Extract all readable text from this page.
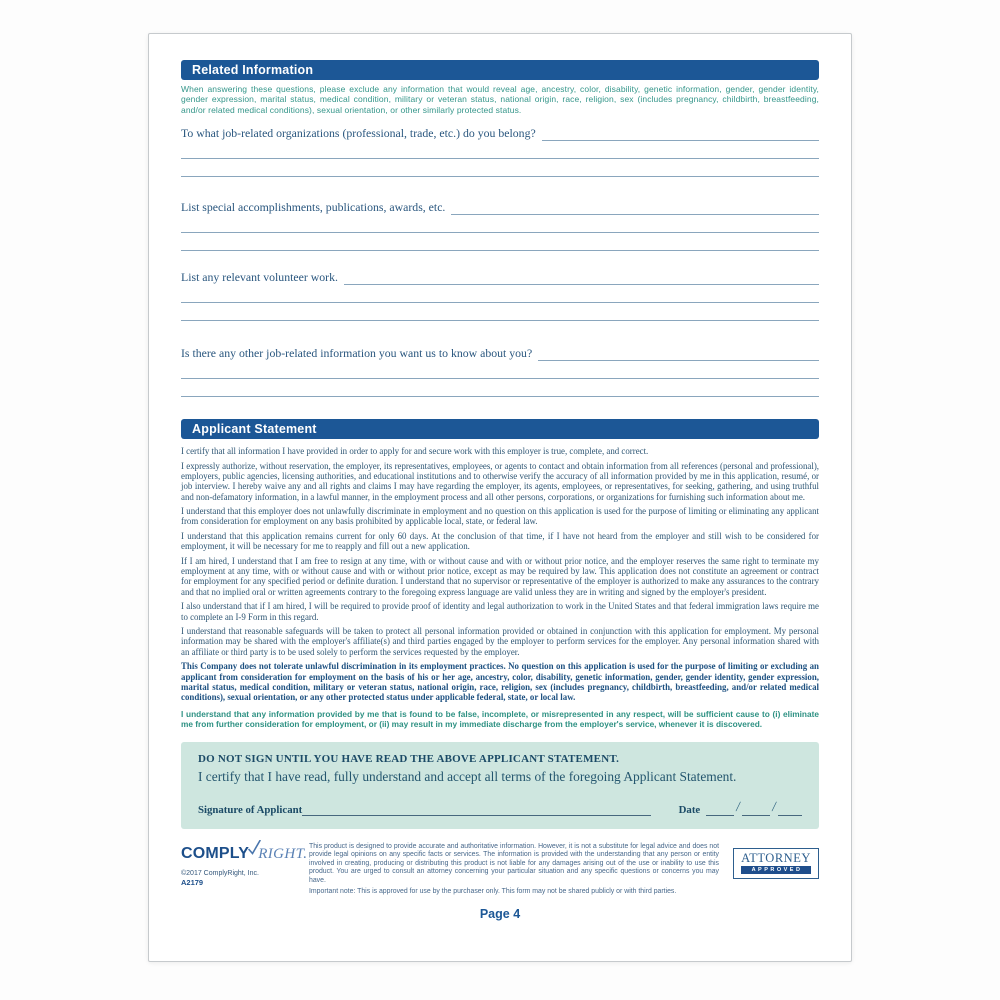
Related Information
When answering these questions, please exclude any information that would reveal age, ancestry, color, disability, genetic information, gender, gender identity, gender expression, marital status, medical condition, military or veteran status, national origin, race, religion, sex (includes pregnancy, childbirth, breastfeeding, and/or related medical conditions), sexual orientation, or other similarly protected status.
To what job-related organizations (professional, trade, etc.) do you belong?
List special accomplishments, publications, awards, etc.
List any relevant volunteer work.
Is there any other job-related information you want us to know about you?
Applicant Statement

I certify that all information I have provided in order to apply for and secure work with this employer is true, complete, and correct.

I expressly authorize, without reservation, the employer, its representatives, employees, or agents to contact and obtain information from all references (personal and professional), employers, public agencies, licensing authorities, and educational institutions and to otherwise verify the accuracy of all information provided by me in this application, resumé, or job interview. I hereby waive any and all rights and claims I may have regarding the employer, its agents, employees, or representatives, for seeking, gathering, and using truthful and non-defamatory information, in a lawful manner, in the employment process and all other persons, corporations, or organizations for furnishing such information about me.

I understand that this employer does not unlawfully discriminate in employment and no question on this application is used for the purpose of limiting or eliminating any applicant from consideration for employment on any basis prohibited by applicable local, state, or federal law.

I understand that this application remains current for only 60 days. At the conclusion of that time, if I have not heard from the employer and still wish to be considered for employment, it will be necessary for me to reapply and fill out a new application.

If I am hired, I understand that I am free to resign at any time, with or without cause and with or without prior notice, and the employer reserves the same right to terminate my employment at any time, with or without cause and with or without prior notice, except as may be required by law. This application does not constitute an agreement or contract for employment for any specified period or definite duration. I understand that no supervisor or representative of the employer is authorized to make any assurances to the contrary and that no implied oral or written agreements contrary to the foregoing express language are valid unless they are in writing and signed by the employer's president.

I also understand that if I am hired, I will be required to provide proof of identity and legal authorization to work in the United States and that federal immigration laws require me to complete an I-9 Form in this regard.

I understand that reasonable safeguards will be taken to protect all personal information provided or obtained in conjunction with this application for employment. My personal information may be shared with the employer's affiliate(s) and third parties engaged by the employer to perform services for the employer. Any personal information shared with an affiliate or third party is to be used solely to perform the services requested by the employer.

This Company does not tolerate unlawful discrimination in its employment practices. No question on this application is used for the purpose of limiting or excluding an applicant from consideration for employment on the basis of his or her age, ancestry, color, disability, genetic information, gender, gender identity, gender expression, marital status, medical condition, military or veteran status, national origin, race, religion, sex (includes pregnancy, childbirth, breastfeeding, and/or related medical conditions), sexual orientation, or any other protected status under applicable federal, state, or local law.

I understand that any information provided by me that is found to be false, incomplete, or misrepresented in any respect, will be sufficient cause to (i) eliminate me from further consideration for employment, or (ii) may result in my immediate discharge from the employer's service, whenever it is discovered.

DO NOT SIGN UNTIL YOU HAVE READ THE ABOVE APPLICANT STATEMENT.
I certify that I have read, fully understand and accept all terms of the foregoing Applicant Statement.
Signature of Applicant	Date	/ /
COMPLY RIGHT.
©2017 ComplyRight, Inc.
A2179
This product is designed to provide accurate and authoritative information. However, it is not a substitute for legal advice and does not provide legal opinions on any specific facts or services. The information is provided with the understanding that any person or entity involved in creating, producing or distributing this product is not liable for any damages arising out of the use or inability to use this product. You are urged to consult an attorney concerning your particular situation and any specific questions or concerns you may have.
Important note: This is approved for use by the purchaser only. This form may not be shared publicly or with third parties.
ATTORNEY
APPROVED
Page 4
